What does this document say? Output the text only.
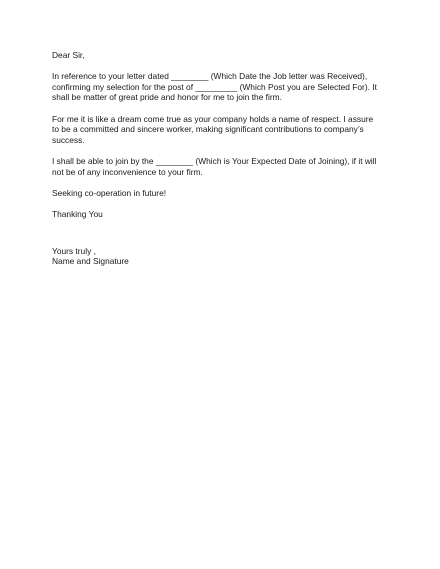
Dear Sir,

In reference to your letter dated ________ (Which Date the Job letter was Received),

confirming my selection for the post of _________ (Which Post you are Selected For). It

shall be matter of great pride and honor for me to join the firm.

For me it is like a dream come true as your company holds a name of respect. I assure

to be a committed and sincere worker, making significant contributions to company’s

success.

I shall be able to join by the ________ (Which is Your Expected Date of Joining), if it will

not be of any inconvenience to your firm.

Seeking co-operation in future!

Thanking You

Yours truly ,

Name and Signature
